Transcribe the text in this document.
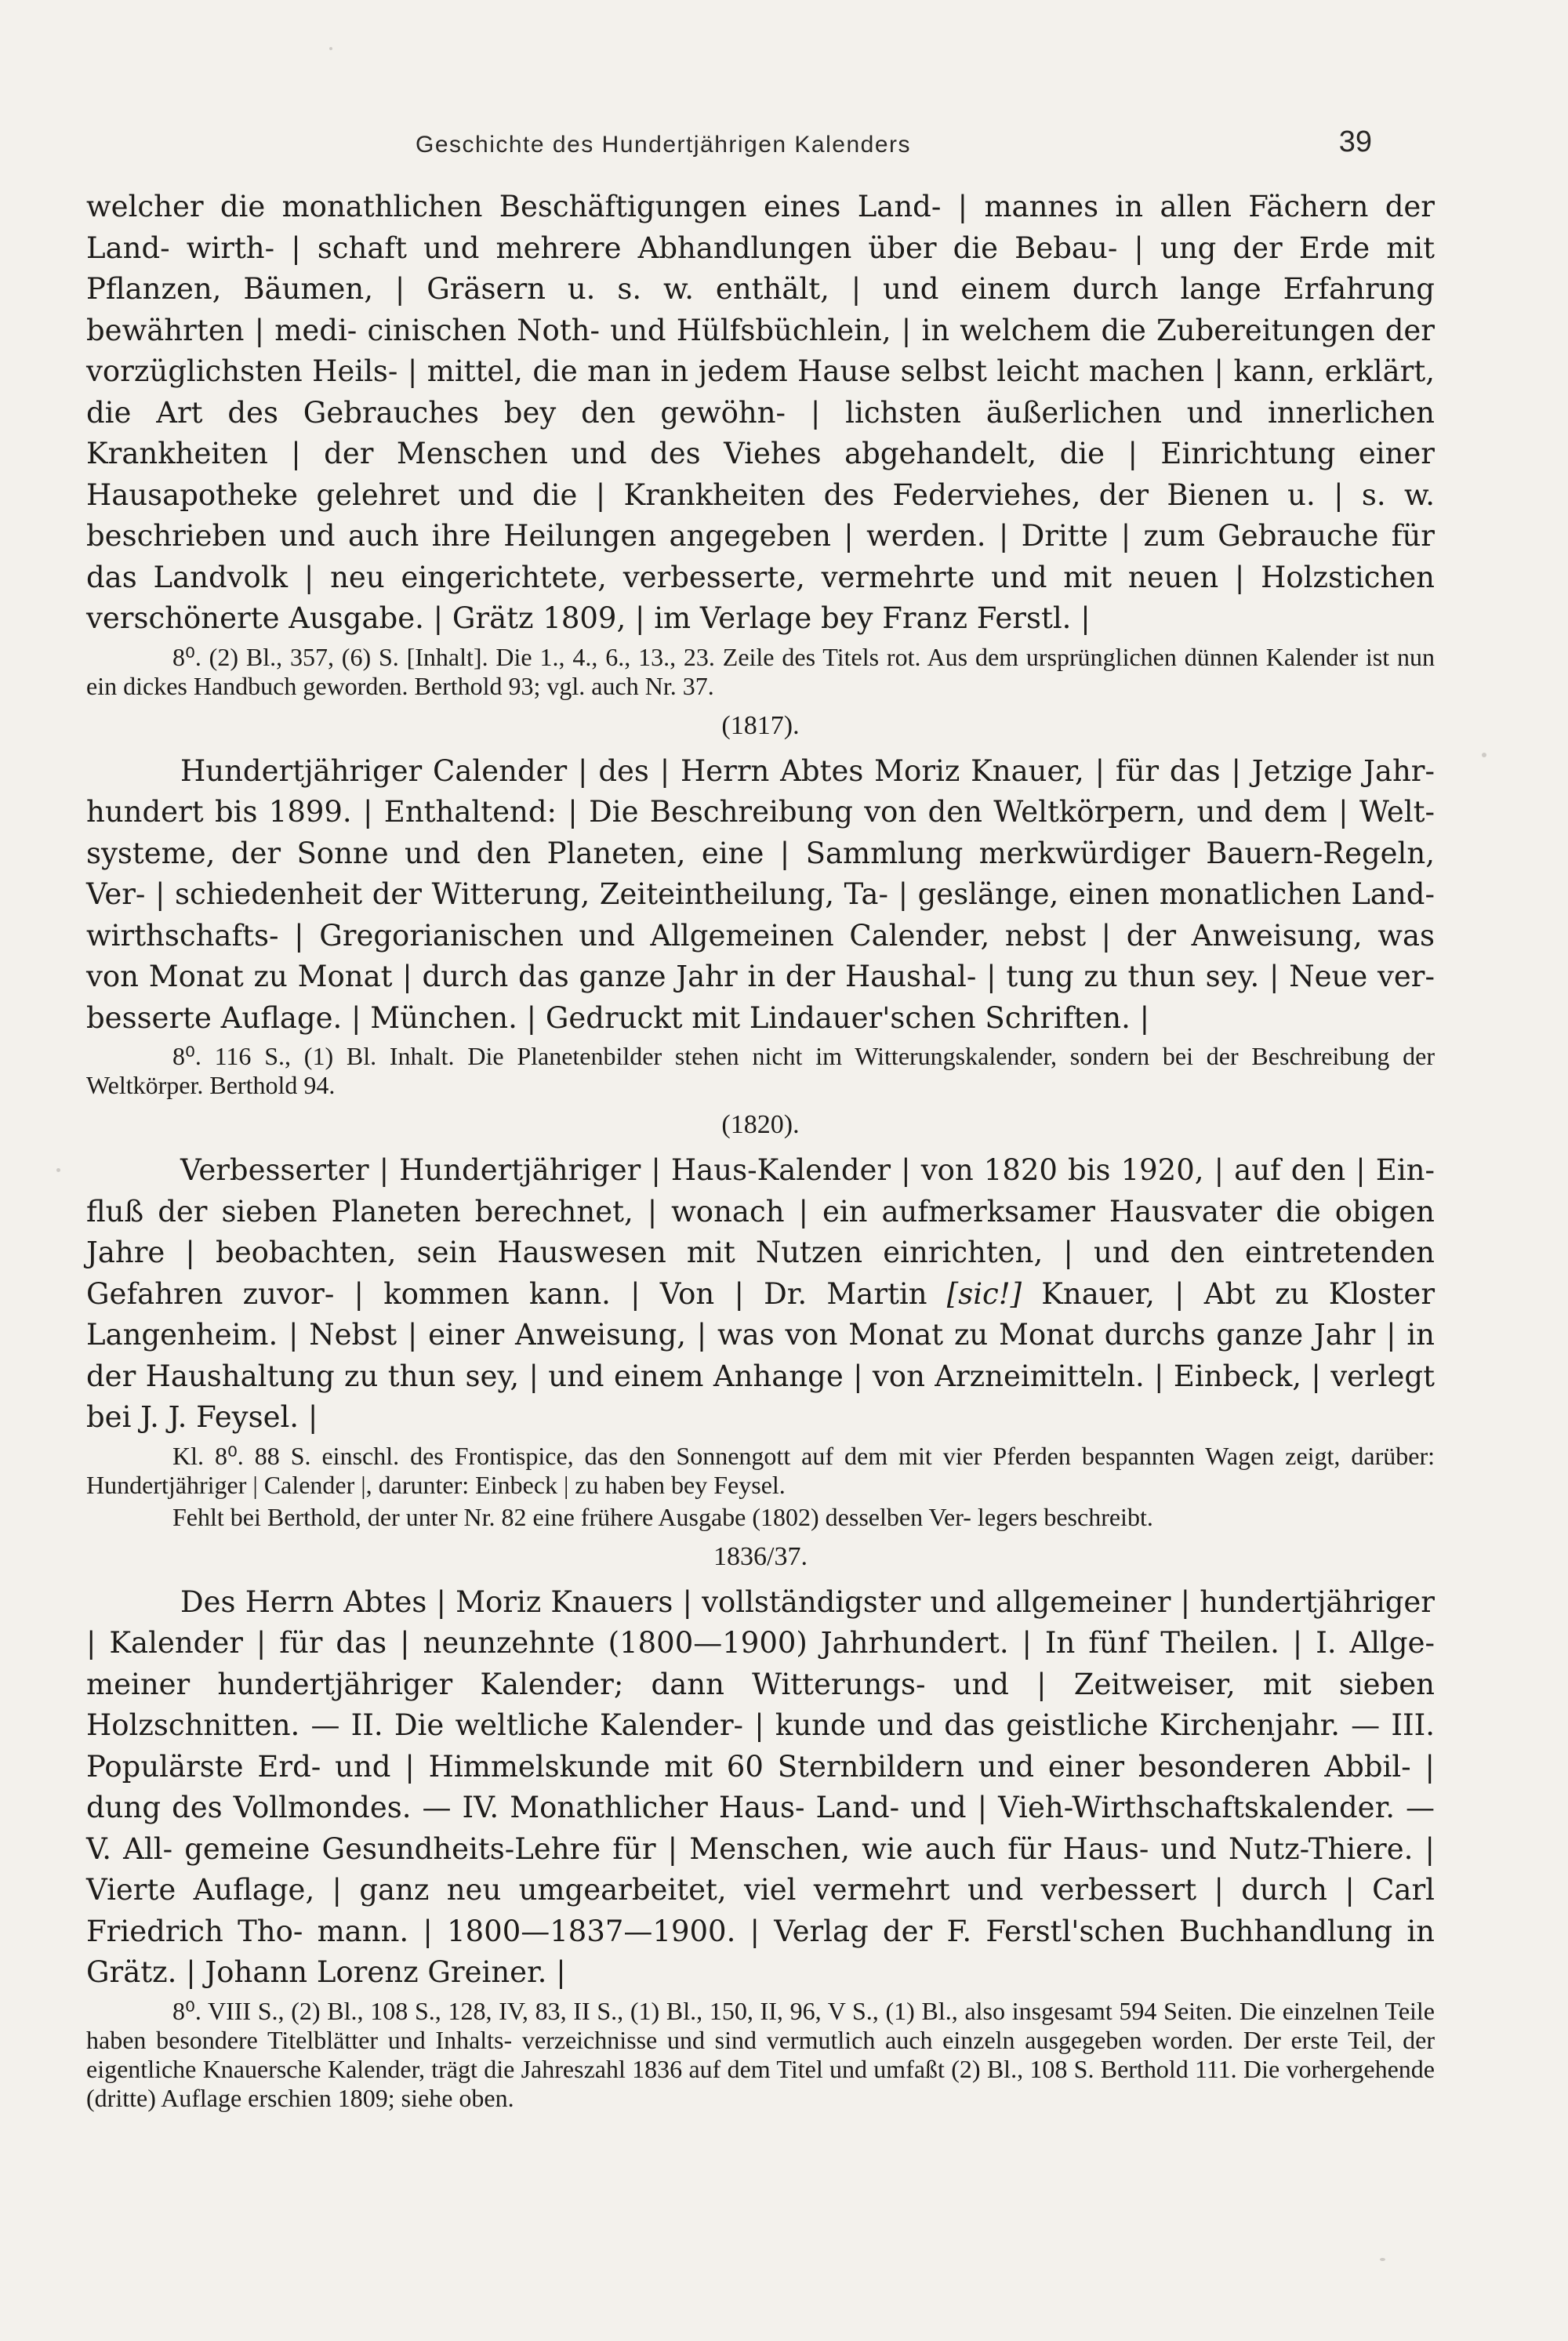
Geschichte des Hundertjährigen Kalenders	39

welcher die monathlichen Beschäftigungen eines Land- | mannes in allen Fächern der Land- wirth- | schaft und mehrere Abhandlungen über die Bebau- | ung der Erde mit Pflanzen, Bäumen, | Gräsern u. s. w. enthält, | und einem durch lange Erfahrung bewährten | medi- cinischen Noth- und Hülfsbüchlein, | in welchem die Zubereitungen der vorzüglichsten Heils- | mittel, die man in jedem Hause selbst leicht machen | kann, erklärt, die Art des Gebrauches bey den gewöhn- | lichsten äußerlichen und innerlichen Krankheiten | der Menschen und des Viehes abgehandelt, die | Einrichtung einer Hausapotheke gelehret und die | Krankheiten des Federviehes, der Bienen u. | s. w. beschrieben und auch ihre Heilungen angegeben | werden. | Dritte | zum Gebrauche für das Landvolk | neu eingerichtete, verbesserte, vermehrte und mit neuen | Holzstichen verschönerte Ausgabe. | Grätz 1809, | im Verlage bey Franz Ferstl. |

8⁰. (2) Bl., 357, (6) S. [Inhalt]. Die 1., 4., 6., 13., 23. Zeile des Titels rot. Aus dem ursprünglichen dünnen Kalender ist nun ein dickes Handbuch geworden. Berthold 93; vgl. auch Nr. 37.

(1817).

Hundertjähriger Calender | des | Herrn Abtes Moriz Knauer, | für das | Jetzige Jahr- hundert bis 1899. | Enthaltend: | Die Beschreibung von den Weltkörpern, und dem | Welt- systeme, der Sonne und den Planeten, eine | Sammlung merkwürdiger Bauern-Regeln, Ver- | schiedenheit der Witterung, Zeiteintheilung, Ta- | geslänge, einen monatlichen Land- wirthschafts- | Gregorianischen und Allgemeinen Calender, nebst | der Anweisung, was von Monat zu Monat | durch das ganze Jahr in der Haushal- | tung zu thun sey. | Neue ver- besserte Auflage. | München. | Gedruckt mit Lindauer'schen Schriften. |

8⁰. 116 S., (1) Bl. Inhalt. Die Planetenbilder stehen nicht im Witterungskalender, sondern bei der Beschreibung der Weltkörper. Berthold 94.

(1820).

Verbesserter | Hundertjähriger | Haus-Kalender | von 1820 bis 1920, | auf den | Ein- fluß der sieben Planeten berechnet, | wonach | ein aufmerksamer Hausvater die obigen Jahre | beobachten, sein Hauswesen mit Nutzen einrichten, | und den eintretenden Gefahren zuvor- | kommen kann. | Von | Dr. Martin [sic!] Knauer, | Abt zu Kloster Langenheim. | Nebst | einer Anweisung, | was von Monat zu Monat durchs ganze Jahr | in der Haushaltung zu thun sey, | und einem Anhange | von Arzneimitteln. | Einbeck, | verlegt bei J. J. Feysel. |

Kl. 8⁰. 88 S. einschl. des Frontispice, das den Sonnengott auf dem mit vier Pferden bespannten Wagen zeigt, darüber: Hundertjähriger | Calender |, darunter: Einbeck | zu haben bey Feysel.

Fehlt bei Berthold, der unter Nr. 82 eine frühere Ausgabe (1802) desselben Ver- legers beschreibt.

1836/37.

Des Herrn Abtes | Moriz Knauers | vollständigster und allgemeiner | hundertjähriger | Kalender | für das | neunzehnte (1800—1900) Jahrhundert. | In fünf Theilen. | I. Allge- meiner hundertjähriger Kalender; dann Witterungs- und | Zeitweiser, mit sieben Holzschnitten. — II. Die weltliche Kalender- | kunde und das geistliche Kirchenjahr. — III. Populärste Erd- und | Himmelskunde mit 60 Sternbildern und einer besonderen Abbil- | dung des Vollmondes. — IV. Monathlicher Haus- Land- und | Vieh-Wirthschaftskalender. — V. All- gemeine Gesundheits-Lehre für | Menschen, wie auch für Haus- und Nutz-Thiere. | Vierte Auflage, | ganz neu umgearbeitet, viel vermehrt und verbessert | durch | Carl Friedrich Tho- mann. | 1800—1837—1900. | Verlag der F. Ferstl'schen Buchhandlung in Grätz. | Johann Lorenz Greiner. |

8⁰. VIII S., (2) Bl., 108 S., 128, IV, 83, II S., (1) Bl., 150, II, 96, V S., (1) Bl., also insgesamt 594 Seiten. Die einzelnen Teile haben besondere Titelblätter und Inhalts- verzeichnisse und sind vermutlich auch einzeln ausgegeben worden. Der erste Teil, der eigentliche Knauersche Kalender, trägt die Jahreszahl 1836 auf dem Titel und umfaßt (2) Bl., 108 S. Berthold 111. Die vorhergehende (dritte) Auflage erschien 1809; siehe oben.
